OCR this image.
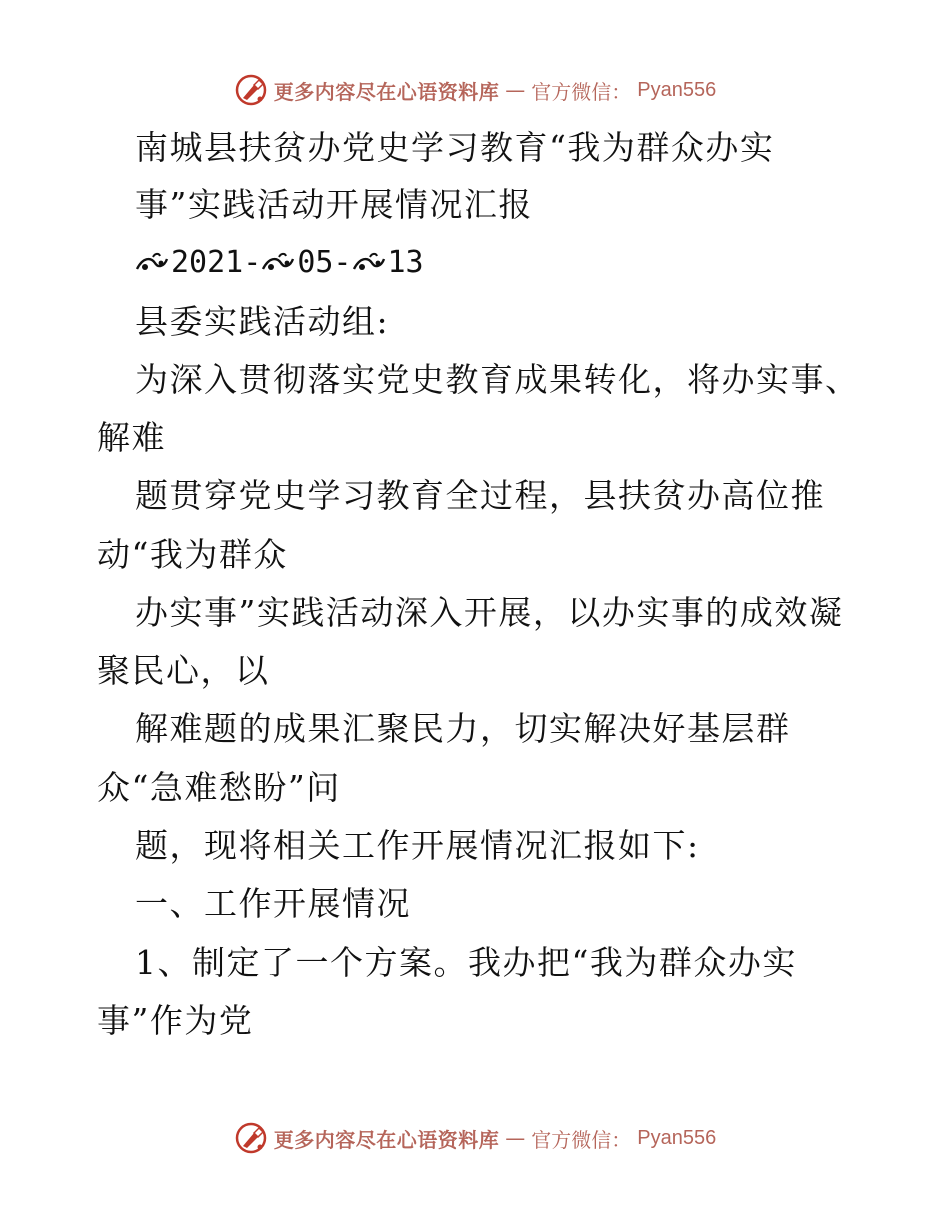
更多内容尽在心语资料库 — 官方微信： Pyan556
南城县扶贫办党史学习教育“我为群众办实
事”实践活动开展情况汇报
2021- 05- 13
县委实践活动组:
为深入贯彻落实党史教育成果转化，将办实事、
解难
题贯穿党史学习教育全过程，县扶贫办高位推
动“我为群众
办实事”实践活动深入开展，以办实事的成效凝
聚民心，以
解难题的成果汇聚民力，切实解决好基层群
众“急难愁盼”问
题，现将相关工作开展情况汇报如下:
一、工作开展情况
1、制定了一个方案。我办把“我为群众办实
事”作为党
更多内容尽在心语资料库 — 官方微信： Pyan556
